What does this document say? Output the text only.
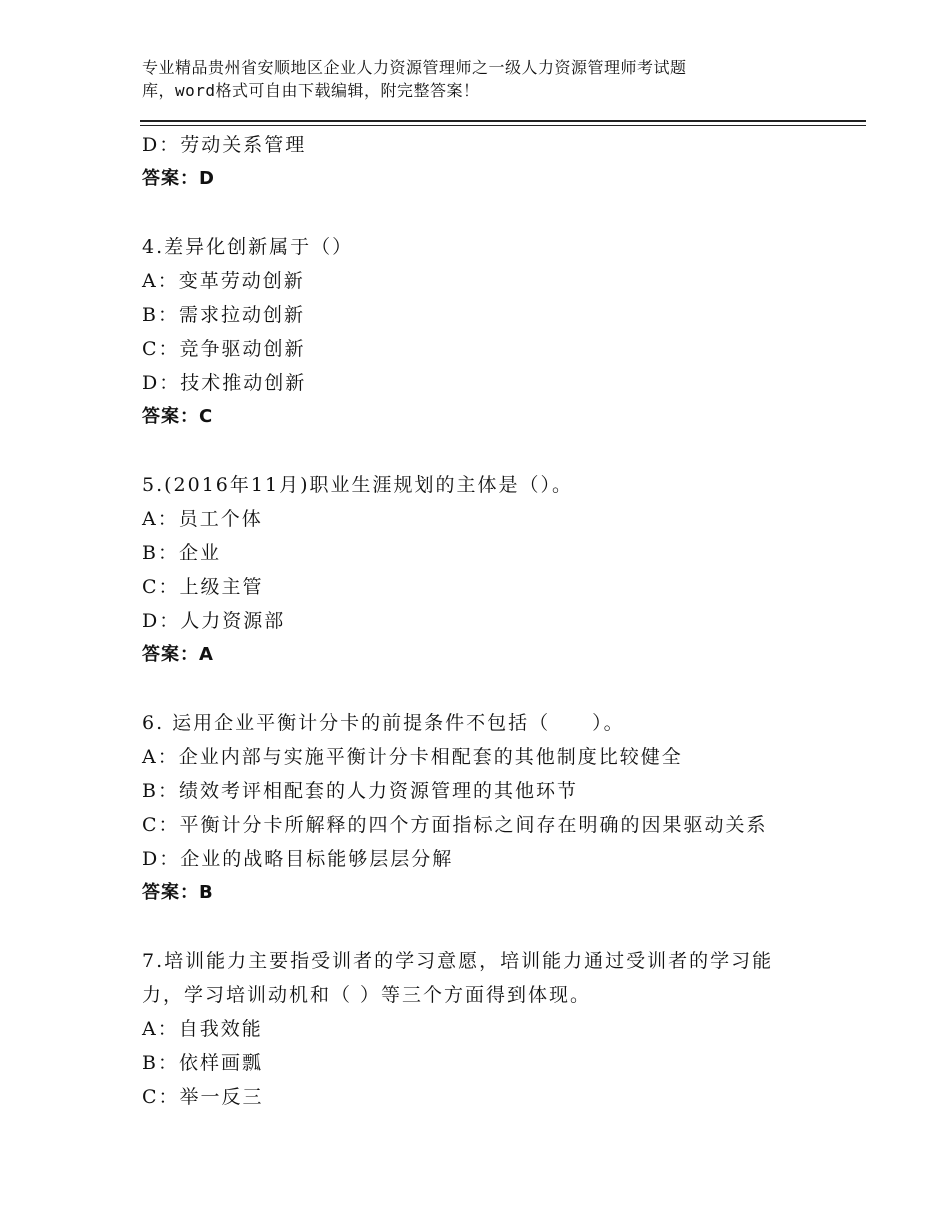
专业精品贵州省安顺地区企业人力资源管理师之一级人力资源管理师考试题
库，word格式可自由下载编辑，附完整答案！
D：劳动关系管理
答案：D
4.差异化创新属于（）
A：变革劳动创新
B：需求拉动创新
C：竞争驱动创新
D：技术推动创新
答案：C
5.(2016年11月)职业生涯规划的主体是（）。
A：员工个体
B：企业
C：上级主管
D：人力资源部
答案：A
6. 运用企业平衡计分卡的前提条件不包括（　　）。
A：企业内部与实施平衡计分卡相配套的其他制度比较健全
B：绩效考评相配套的人力资源管理的其他环节
C：平衡计分卡所解释的四个方面指标之间存在明确的因果驱动关系
D：企业的战略目标能够层层分解
答案：B
7.培训能力主要指受训者的学习意愿，培训能力通过受训者的学习能
力，学习培训动机和（ ）等三个方面得到体现。
A：自我效能
B：依样画瓢
C：举一反三
